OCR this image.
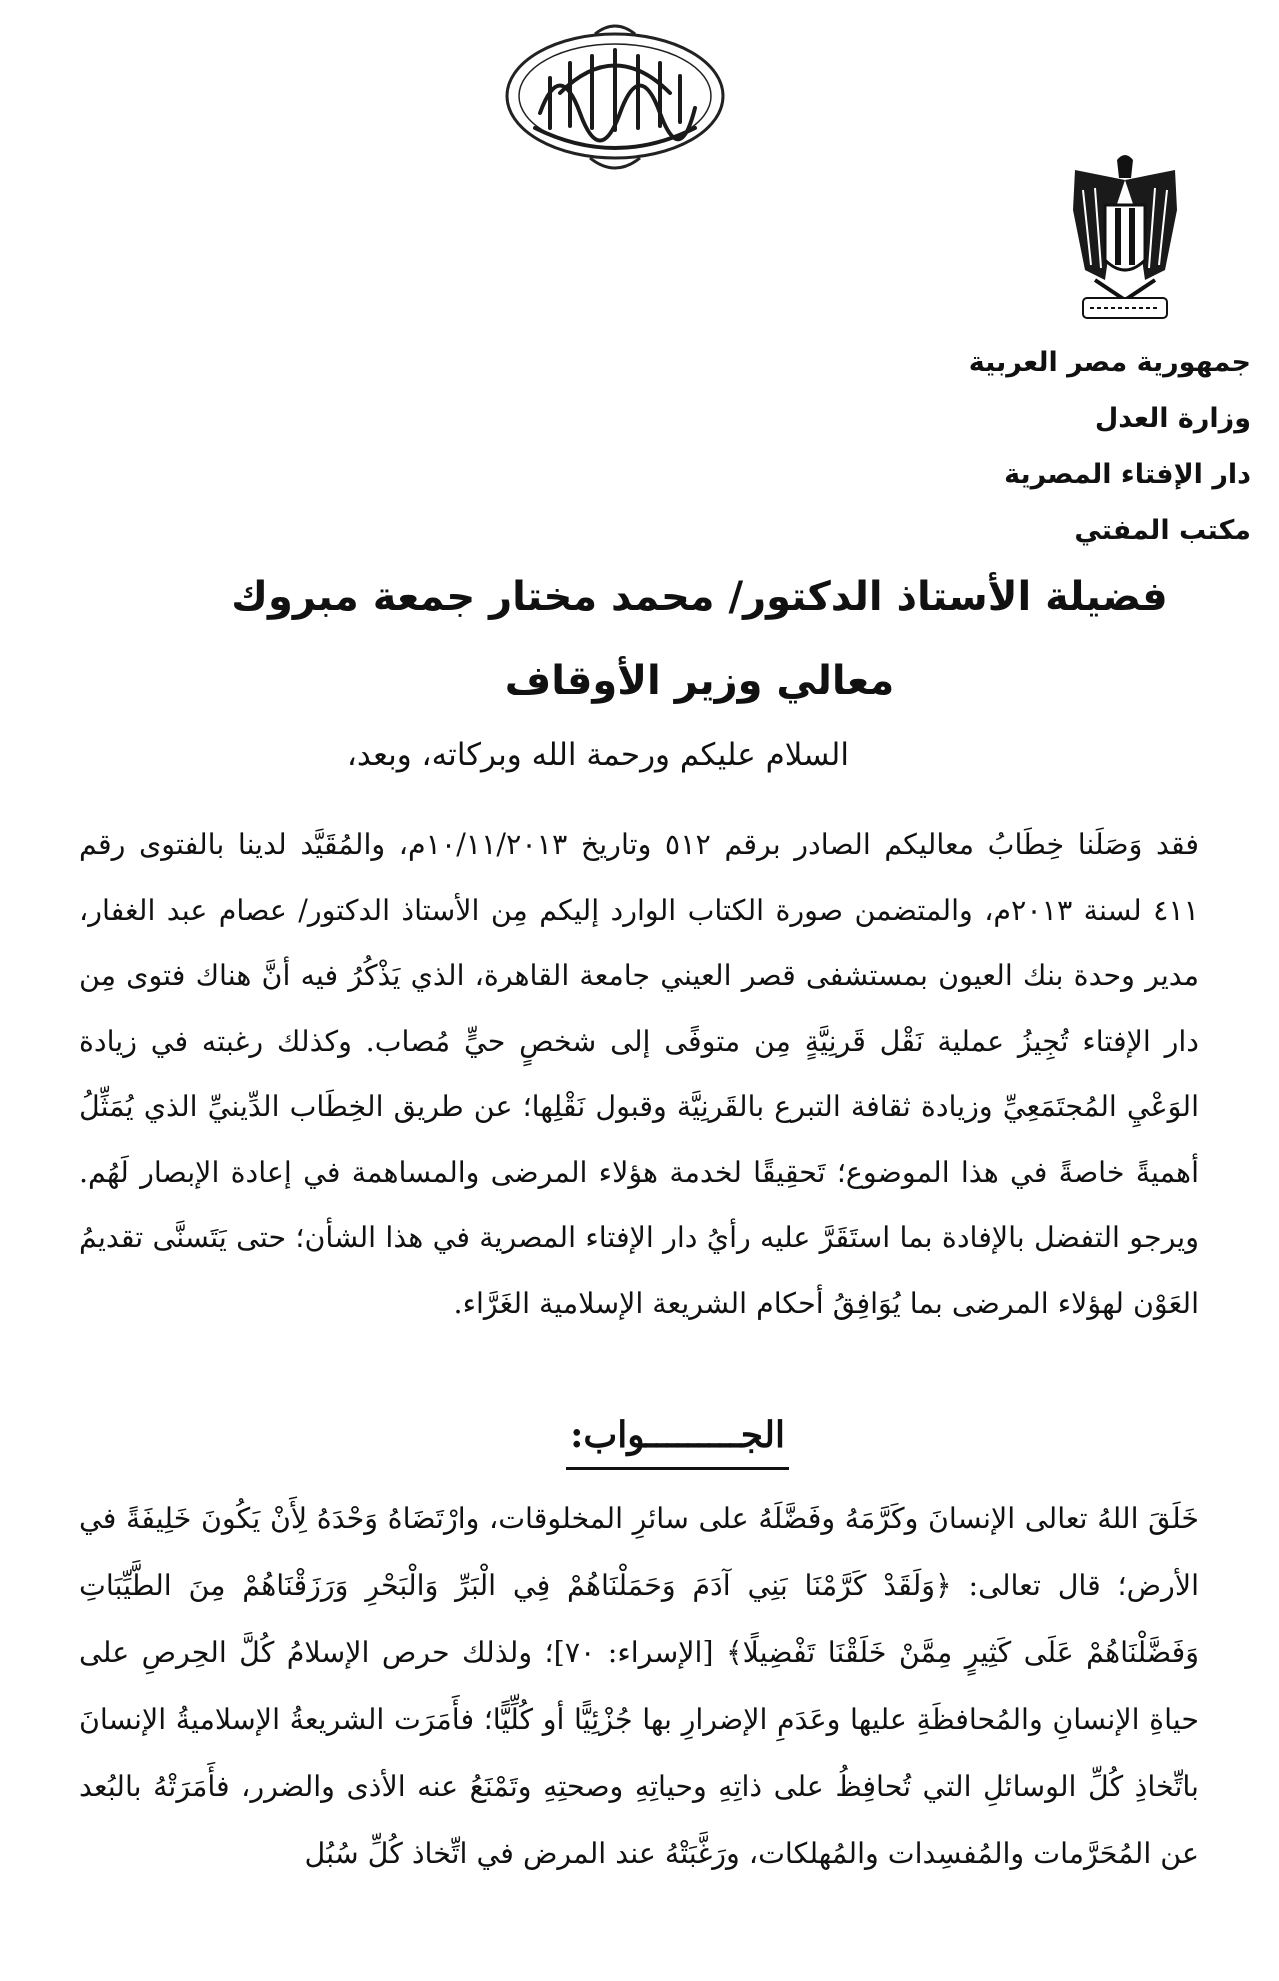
جمهورية مصر العربية
وزارة العدل
دار الإفتاء المصرية
مكتب المفتي
فضيلة الأستاذ الدكتور/ محمد مختار جمعة مبروك
معالي وزير الأوقاف
السلام عليكم ورحمة الله وبركاته، وبعد،

فقد وَصَلَنا خِطَابُ معاليكم الصادر برقم ٥١٢ وتاريخ ١٠/١١/٢٠١٣م، والمُقَيَّد لدينا بالفتوى رقم ٤١١ لسنة ٢٠١٣م، والمتضمن صورة الكتاب الوارد إليكم مِن الأستاذ الدكتور/ عصام عبد الغفار، مدير وحدة بنك العيون بمستشفى قصر العيني جامعة القاهرة، الذي يَذْكُرُ فيه أنَّ هناك فتوى مِن دار الإفتاء تُجِيزُ عملية نَقْل قَرنِيَّةٍ مِن متوفًى إلى شخصٍ حيٍّ مُصاب. وكذلك رغبته في زيادة الوَعْيِ المُجتَمَعِيِّ وزيادة ثقافة التبرع بالقَرنِيَّة وقبول نَقْلِها؛ عن طريق الخِطَاب الدِّينيِّ الذي يُمَثِّلُ أهميةً خاصةً في هذا الموضوع؛ تَحقِيقًا لخدمة هؤلاء المرضى والمساهمة في إعادة الإبصار لَهُم. ويرجو التفضل بالإفادة بما استَقَرَّ عليه رأيُ دار الإفتاء المصرية في هذا الشأن؛ حتى يَتَسنَّى تقديمُ العَوْن لهؤلاء المرضى بما يُوَافِقُ أحكام الشريعة الإسلامية الغَرَّاء.

الجـــــــــواب:

خَلَقَ اللهُ تعالى الإنسانَ وكَرَّمَهُ وفَضَّلَهُ على سائرِ المخلوقات، وارْتَضَاهُ وَحْدَهُ لِأَنْ يَكُونَ خَلِيفَةً في الأرض؛ قال تعالى: ﴿وَلَقَدْ كَرَّمْنَا بَنِي آدَمَ وَحَمَلْنَاهُمْ فِي الْبَرِّ وَالْبَحْرِ وَرَزَقْنَاهُمْ مِنَ الطَّيِّبَاتِ وَفَضَّلْنَاهُمْ عَلَى كَثِيرٍ مِمَّنْ خَلَقْنَا تَفْضِيلًا﴾ [الإسراء: ٧٠]؛ ولذلك حرص الإسلامُ كُلَّ الحِرصِ على حياةِ الإنسانِ والمُحافظَةِ عليها وعَدَمِ الإضرارِ بها جُزْئِيًّا أو كُلِّيًّا؛ فأَمَرَت الشريعةُ الإسلاميةُ الإنسانَ باتِّخاذِ كُلِّ الوسائلِ التي تُحافِظُ على ذاتِهِ وحياتِهِ وصحتِهِ وتَمْنَعُ عنه الأذى والضرر، فأَمَرَتْهُ بالبُعد عن المُحَرَّمات والمُفسِدات والمُهلكات، ورَغَّبَتْهُ عند المرض في اتِّخاذ كُلِّ سُبُل
